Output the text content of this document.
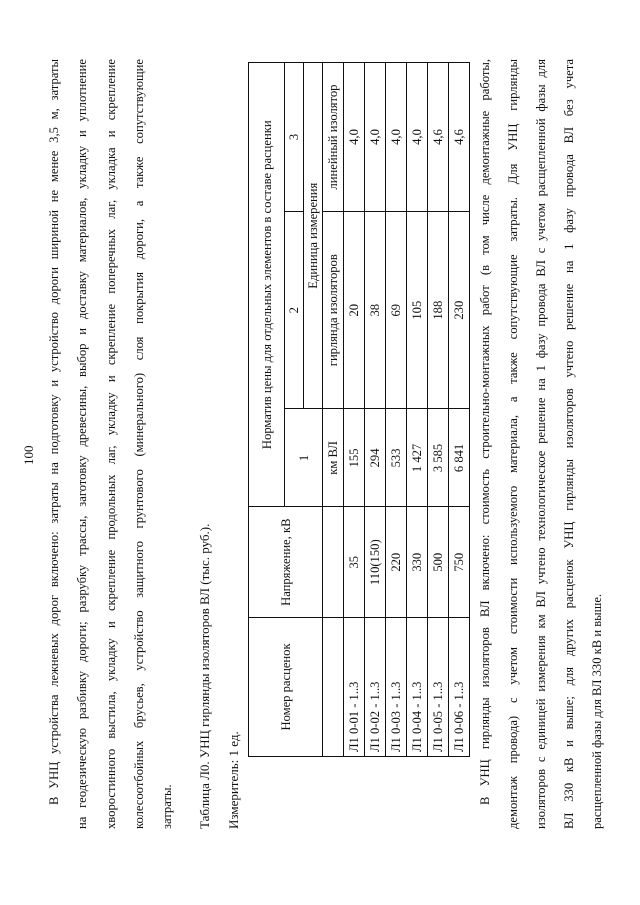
100 В УНЦ устройства лежневых дорог включено: затраты на подготовку и устройство дороги шириной не менее 3,5 м, затраты на геодезическую разбивку дороги; разрубку трассы, заготовку древесины, выбор и доставку материалов, укладку и уплотнение хворостинного выстила, укладку и скрепление продольных лаг, укладку и скрепление поперечных лаг, укладка и скрепление колесоотбойных брусьев, устройство защитного грунтового (минерального) слоя покрытия дороги, а также сопутствующие затраты. Таблица Л0. УНЦ гирлянды изоляторов ВЛ (тыс. руб.). Измеритель: 1 ед.
Номер расценок	Напряжение, кВ	Норматив цены для отдельных элементов в составе расценки		
		1	2	3
			Единица измерения	
		км ВЛ	гирлянда изоляторов	линейный изолятор
Л1 0-01 - 1..3	35	155	20	4,0
Л1 0-02 - 1..3	110(150)	294	38	4,0
Л1 0-03 - 1..3	220	533	69	4,0
Л1 0-04 - 1..3	330	1 427	105	4,0
Л1 0-05 - 1..3	500	3 585	188	4,6
Л1 0-06 - 1..3	750	6 841	230	4,6 В УНЦ гирлянды изоляторов ВЛ включено: стоимость строительно-монтажных работ (в том числе демонтажные работы, демонтаж провода) с учетом стоимости используемого материала, а также сопутствующие затраты. Для УНЦ гирлянды изоляторов с единицей измерения км ВЛ учтено технологическое решение на 1 фазу провода ВЛ с учетом расщепленной фазы для ВЛ 330 кВ и выше; для других расценок УНЦ гирлянды изоляторов учтено решение на 1 фазу провода ВЛ без учета расщепленной фазы для ВЛ 330 кВ и выше.
